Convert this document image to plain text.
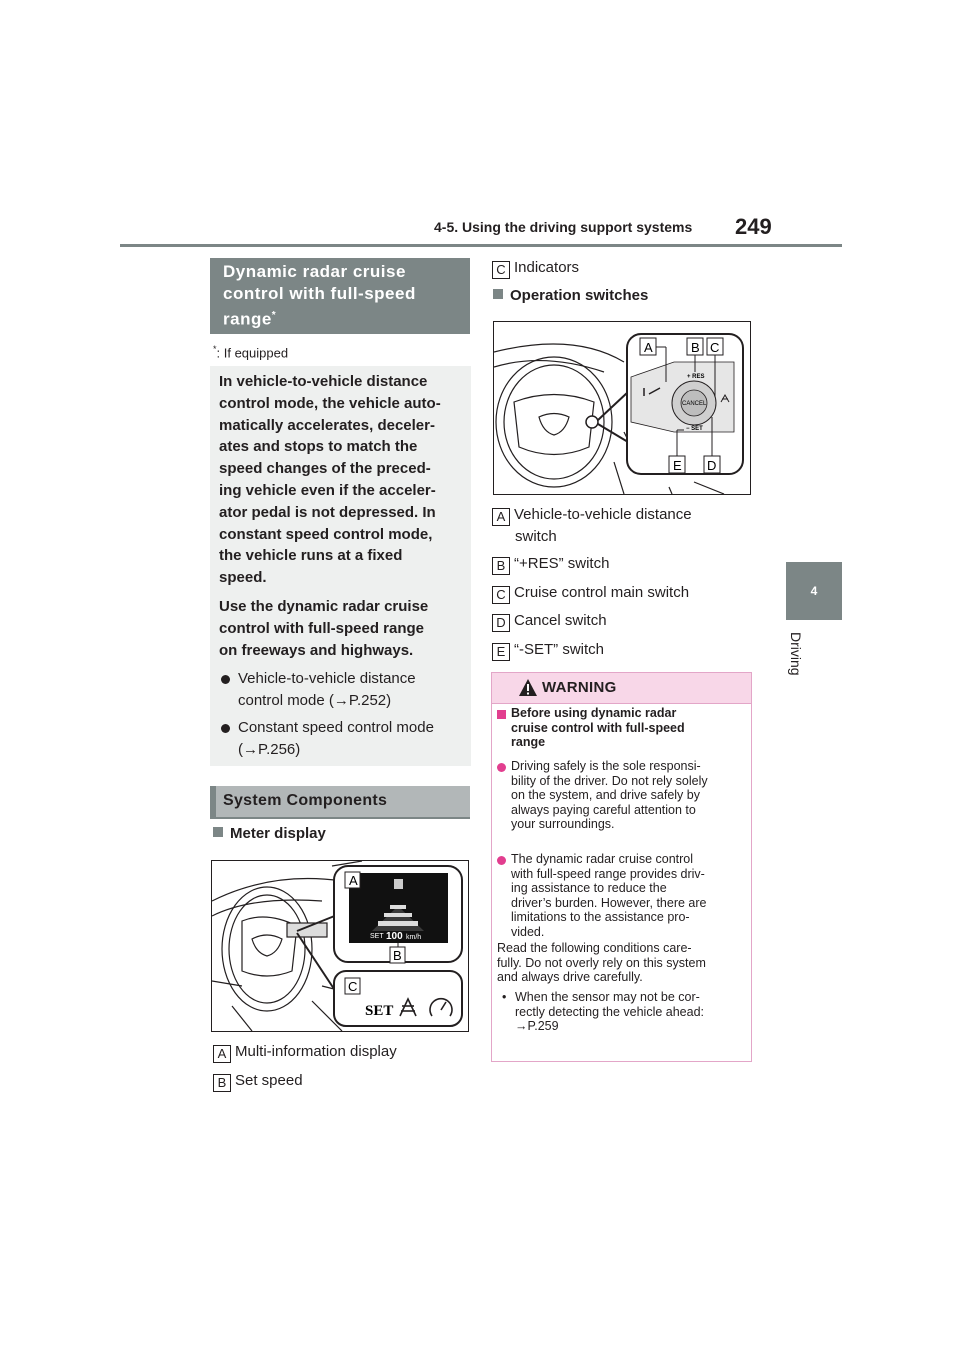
4-5. Using the driving support systems 249
4
Driving
Dynamic radar cruise
control with full-speed
range*
*: If equipped
In vehicle-to-vehicle distance
control mode, the vehicle auto-
matically accelerates, deceler-
ates and stops to match the
speed changes of the preced-
ing vehicle even if the acceler-
ator pedal is not depressed. In
constant speed control mode,
the vehicle runs at a fixed
speed.
Use the dynamic radar cruise
control with full-speed range
on freeways and highways.
Vehicle-to-vehicle distance
control mode (→P.252)
Constant speed control mode
(→P.256)
System Components
Meter display
SET 100 km/h
A
B
C
SET
A Multi-information display
B Set speed
C Indicators
Operation switches
CANCEL
+ RES
− SET
A	B C
E D
A Vehicle-to-vehicle distance
switch
B “+RES” switch
C Cruise control main switch
D Cancel switch
E “-SET” switch
WARNING
Before using dynamic radar
cruise control with full-speed
range
Driving safely is the sole responsi-
bility of the driver. Do not rely solely
on the system, and drive safely by
always paying careful attention to
your surroundings.
The dynamic radar cruise control
with full-speed range provides driv-
ing assistance to reduce the
driver’s burden. However, there are
limitations to the assistance pro-
vided.
Read the following conditions care-
fully. Do not overly rely on this system
and always drive carefully.
• When the sensor may not be cor-
rectly detecting the vehicle ahead:
→P.259
